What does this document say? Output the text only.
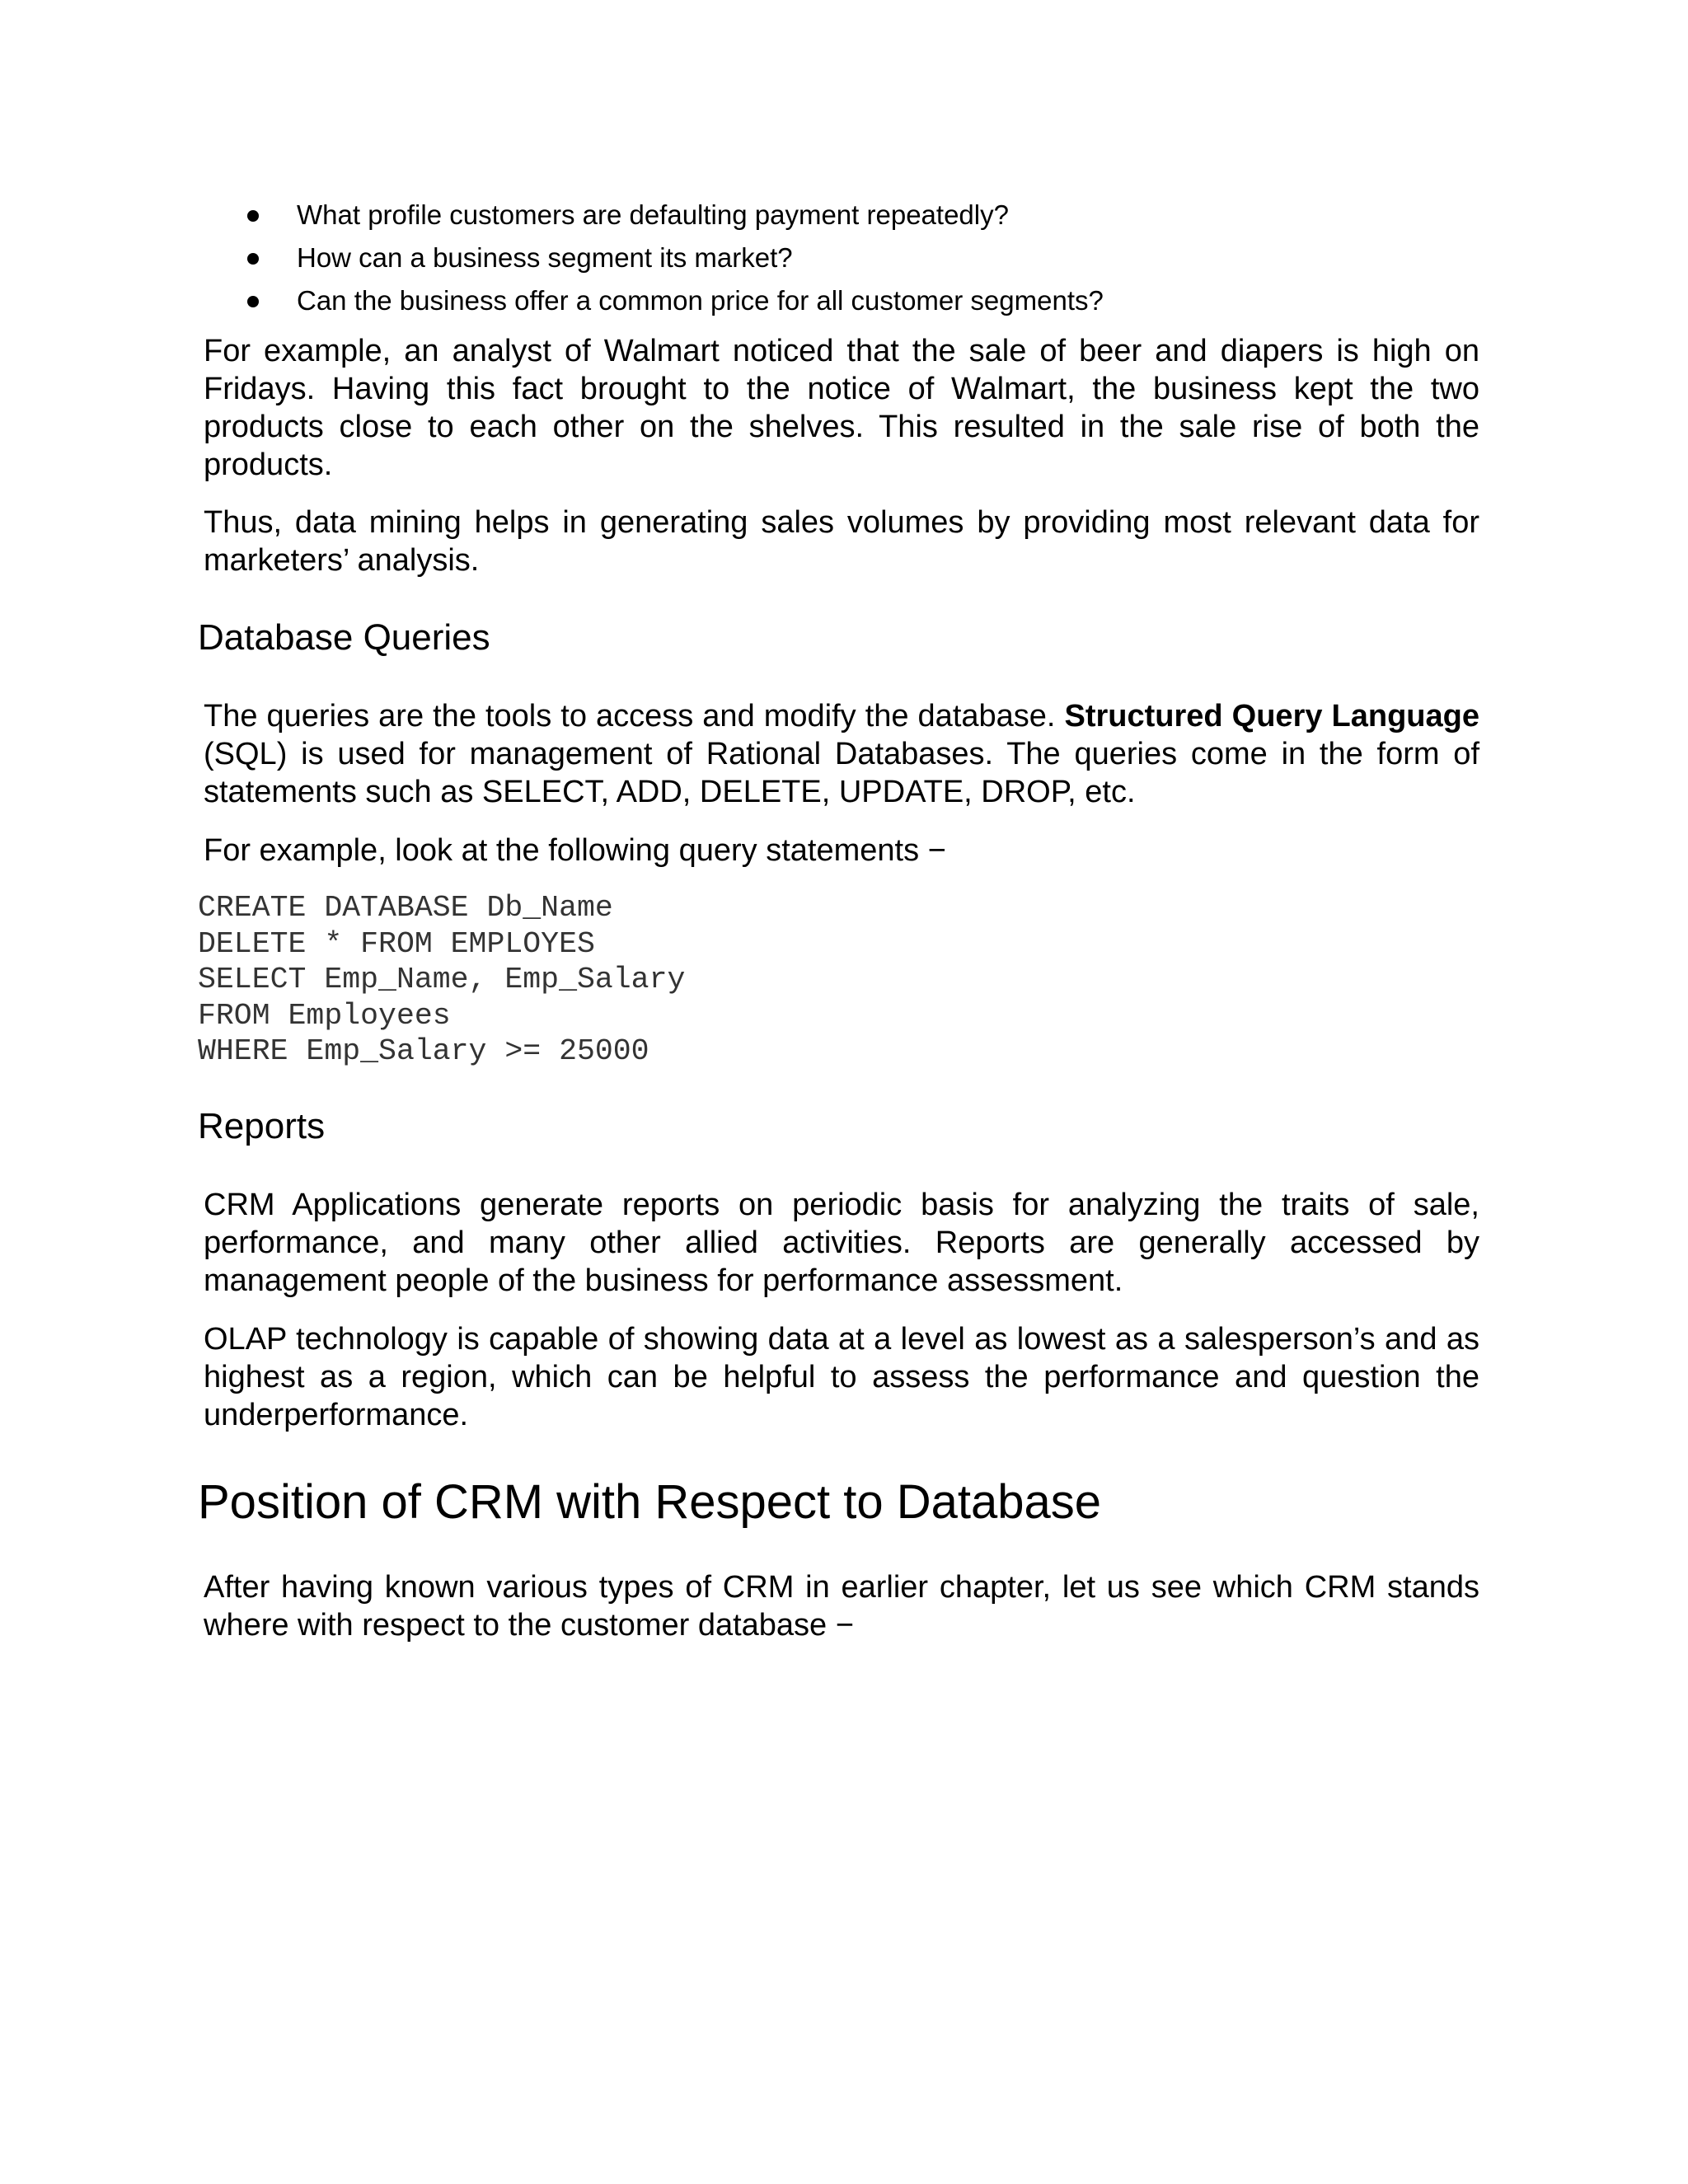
What profile customers are defaulting payment repeatedly?
How can a business segment its market?
Can the business offer a common price for all customer segments?

For example, an analyst of Walmart noticed that the sale of beer and diapers is high on Fridays. Having this fact brought to the notice of Walmart, the business kept the two products close to each other on the shelves. This resulted in the sale rise of both the products.

Thus, data mining helps in generating sales volumes by providing most relevant data for marketers’ analysis.

Database Queries

The queries are the tools to access and modify the database. Structured Query Language (SQL) is used for management of Rational Databases. The queries come in the form of statements such as SELECT, ADD, DELETE, UPDATE, DROP, etc.

For example, look at the following query statements −

CREATE DATABASE Db_Name
DELETE * FROM EMPLOYES
SELECT Emp_Name, Emp_Salary
FROM Employees
WHERE Emp_Salary >= 25000
Reports

CRM Applications generate reports on periodic basis for analyzing the traits of sale, performance, and many other allied activities. Reports are generally accessed by management people of the business for performance assessment.

OLAP technology is capable of showing data at a level as lowest as a salesperson’s and as highest as a region, which can be helpful to assess the performance and question the underperformance.

Position of CRM with Respect to Database

After having known various types of CRM in earlier chapter, let us see which CRM stands where with respect to the customer database −
